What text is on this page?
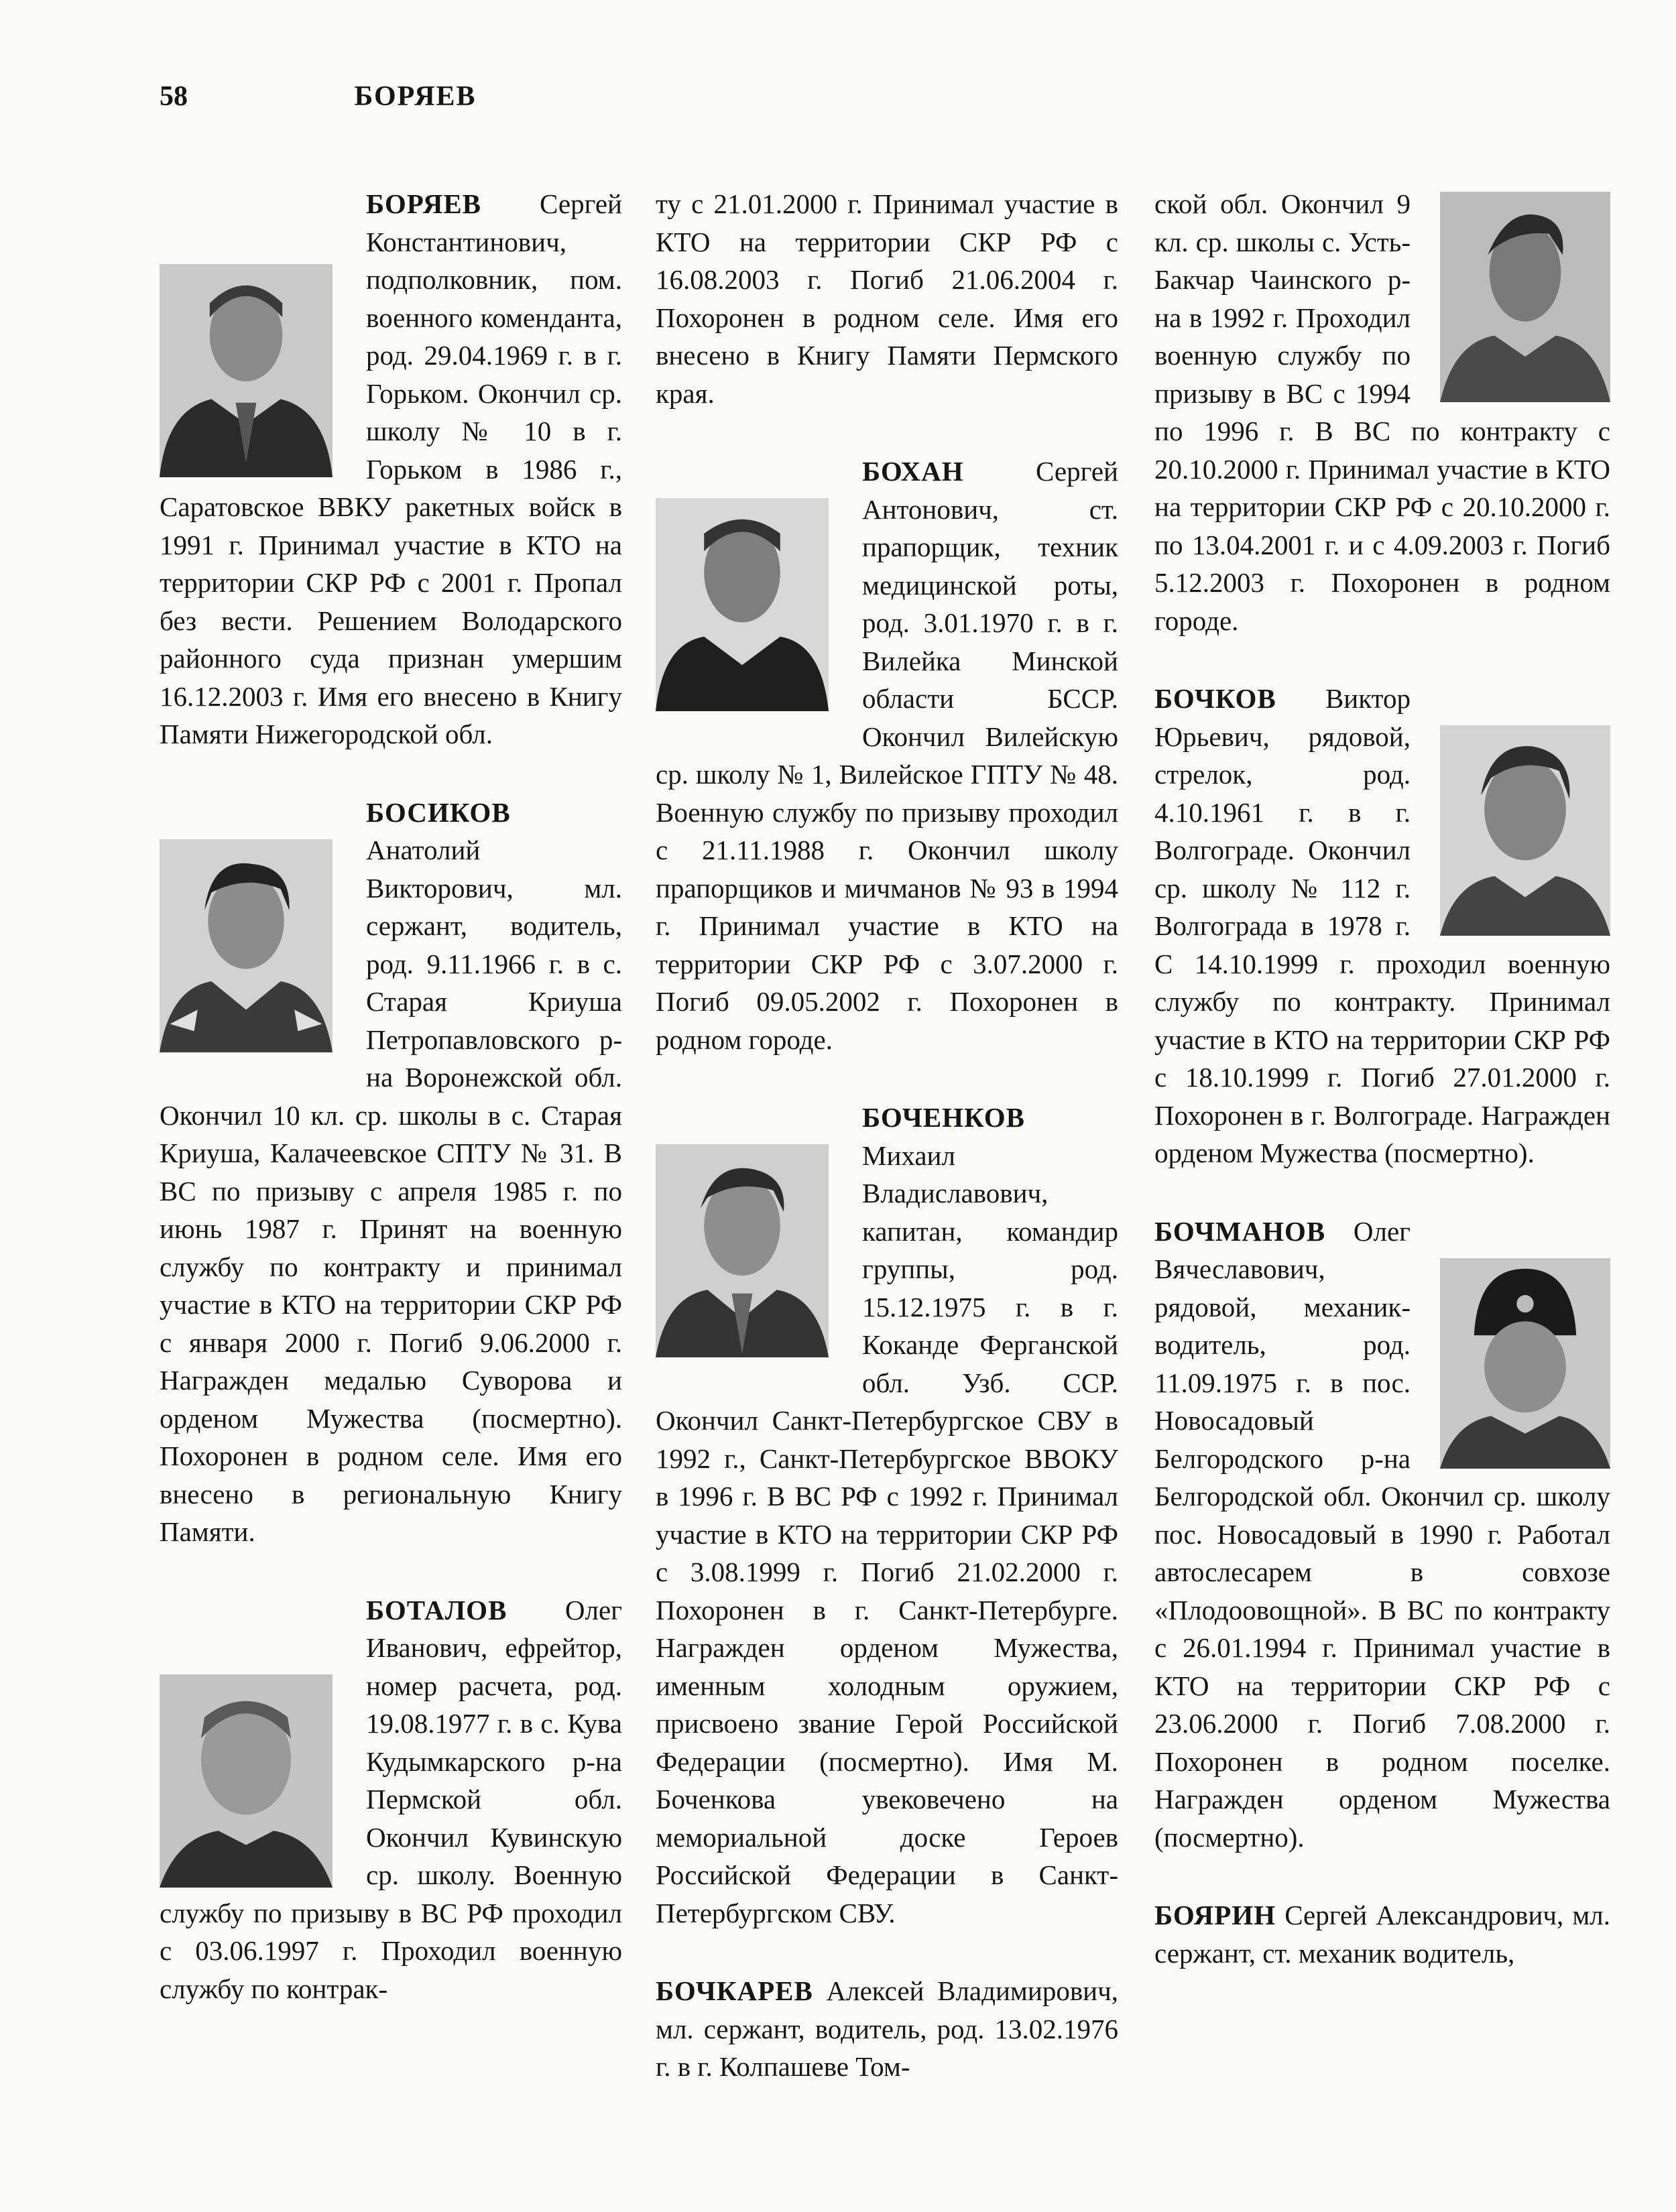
58	БОРЯЕВ
БОРЯЕВ Сергей Константинович, подполковник, пом. военного коменданта, род. 29.04.1969 г. в г. Горьком. Окончил ср. школу № 10 в г. Горьком в 1986 г., Саратовское ВВКУ ракетных войск в 1991 г. Принимал участие в КТО на территории СКР РФ с 2001 г. Пропал без вести. Решением Володарского районного суда признан умершим 16.12.2003 г. Имя его внесено в Книгу Памяти Нижегородской обл.
БОСИКОВ Анатолий Викторович, мл. сержант, водитель, род. 9.11.1966 г. в с. Старая Криуша Петропавловского р-на Воронежской обл. Окончил 10 кл. ср. школы в с. Старая Криуша, Калачеевское СПТУ № 31. В ВС по призыву с апреля 1985 г. по июнь 1987 г. Принят на военную службу по контракту и принимал участие в КТО на территории СКР РФ с января 2000 г. Погиб 9.06.2000 г. Награжден медалью Суворова и орденом Мужества (посмертно). Похоронен в родном селе. Имя его внесено в региональную Книгу Памяти.
БОТАЛОВ Олег Иванович, ефрейтор, номер расчета, род. 19.08.1977 г. в с. Кува Кудымкарского р-на Пермской обл. Окончил Кувинскую ср. школу. Военную службу по призыву в ВС РФ проходил с 03.06.1997 г. Проходил военную службу по контрак-
ту с 21.01.2000 г. Принимал участие в КТО на территории СКР РФ с 16.08.2003 г. Погиб 21.06.2004 г. Похоронен в родном селе. Имя его внесено в Книгу Памяти Пермского края.
БОХАН	Сергей Антонович, ст. прапорщик, техник медицинской роты, род. 3.01.1970 г. в г. Вилейка Минской области БССР. Окончил Вилейскую ср. школу № 1, Вилейское ГПТУ № 48. Военную службу по призыву проходил с 21.11.1988 г. Окончил школу прапорщиков и мичманов № 93 в 1994 г. Принимал участие в КТО на территории СКР РФ с 3.07.2000 г. Погиб 09.05.2002 г. Похоронен в родном городе.
БОЧЕНКОВ Михаил Владиславович, капитан, командир группы, род. 15.12.1975 г. в г. Коканде Ферганской обл. Узб. ССР. Окончил Санкт-Петербургское СВУ в 1992 г., Санкт-Петербургское ВВОКУ в 1996 г. В ВС РФ с 1992 г. Принимал участие в КТО на территории СКР РФ с 3.08.1999 г. Погиб 21.02.2000 г. Похоронен в г. Санкт-Петербурге. Награжден орденом Мужества, именным холодным оружием, присвоено звание Герой Российской Федерации (посмертно). Имя М. Боченкова увековечено на мемориальной доске Героев Российской Федерации в Санкт-Петербургском СВУ.
БОЧКАРЕВ Алексей Владимирович, мл. сержант, водитель, род. 13.02.1976 г. в г. Колпашеве Том-
ской обл. Окончил 9 кл. ср. школы с. Усть-Бакчар Чаинского р-на в 1992 г. Проходил военную службу по призыву в ВС с 1994 по 1996 г. В ВС по контракту с 20.10.2000 г. Принимал участие в КТО на территории СКР РФ с 20.10.2000 г. по 13.04.2001 г. и с 4.09.2003 г. Погиб 5.12.2003 г. Похоронен в родном городе.
БОЧКОВ Виктор Юрьевич, рядовой, стрелок, род. 4.10.1961 г. в г. Волгограде. Окончил ср. школу № 112 г. Волгограда в 1978 г. С 14.10.1999 г. проходил военную службу по контракту. Принимал участие в КТО на территории СКР РФ с 18.10.1999 г. Погиб 27.01.2000 г. Похоронен в г. Волгограде. Награжден орденом Мужества (посмертно).
БОЧМАНОВ Олег Вячеславович, рядовой, механик-водитель, род. 11.09.1975 г. в пос. Новосадовый Белгородского р-на Белгородской обл. Окончил ср. школу пос. Новосадовый в 1990 г. Работал автослесарем в совхозе «Плодоовощной». В ВС по контракту с 26.01.1994 г. Принимал участие в КТО на территории СКР РФ с 23.06.2000 г. Погиб 7.08.2000 г. Похоронен в родном поселке. Награжден орденом Мужества (посмертно).
БОЯРИН Сергей Александрович, мл. сержант, ст. механик водитель,
